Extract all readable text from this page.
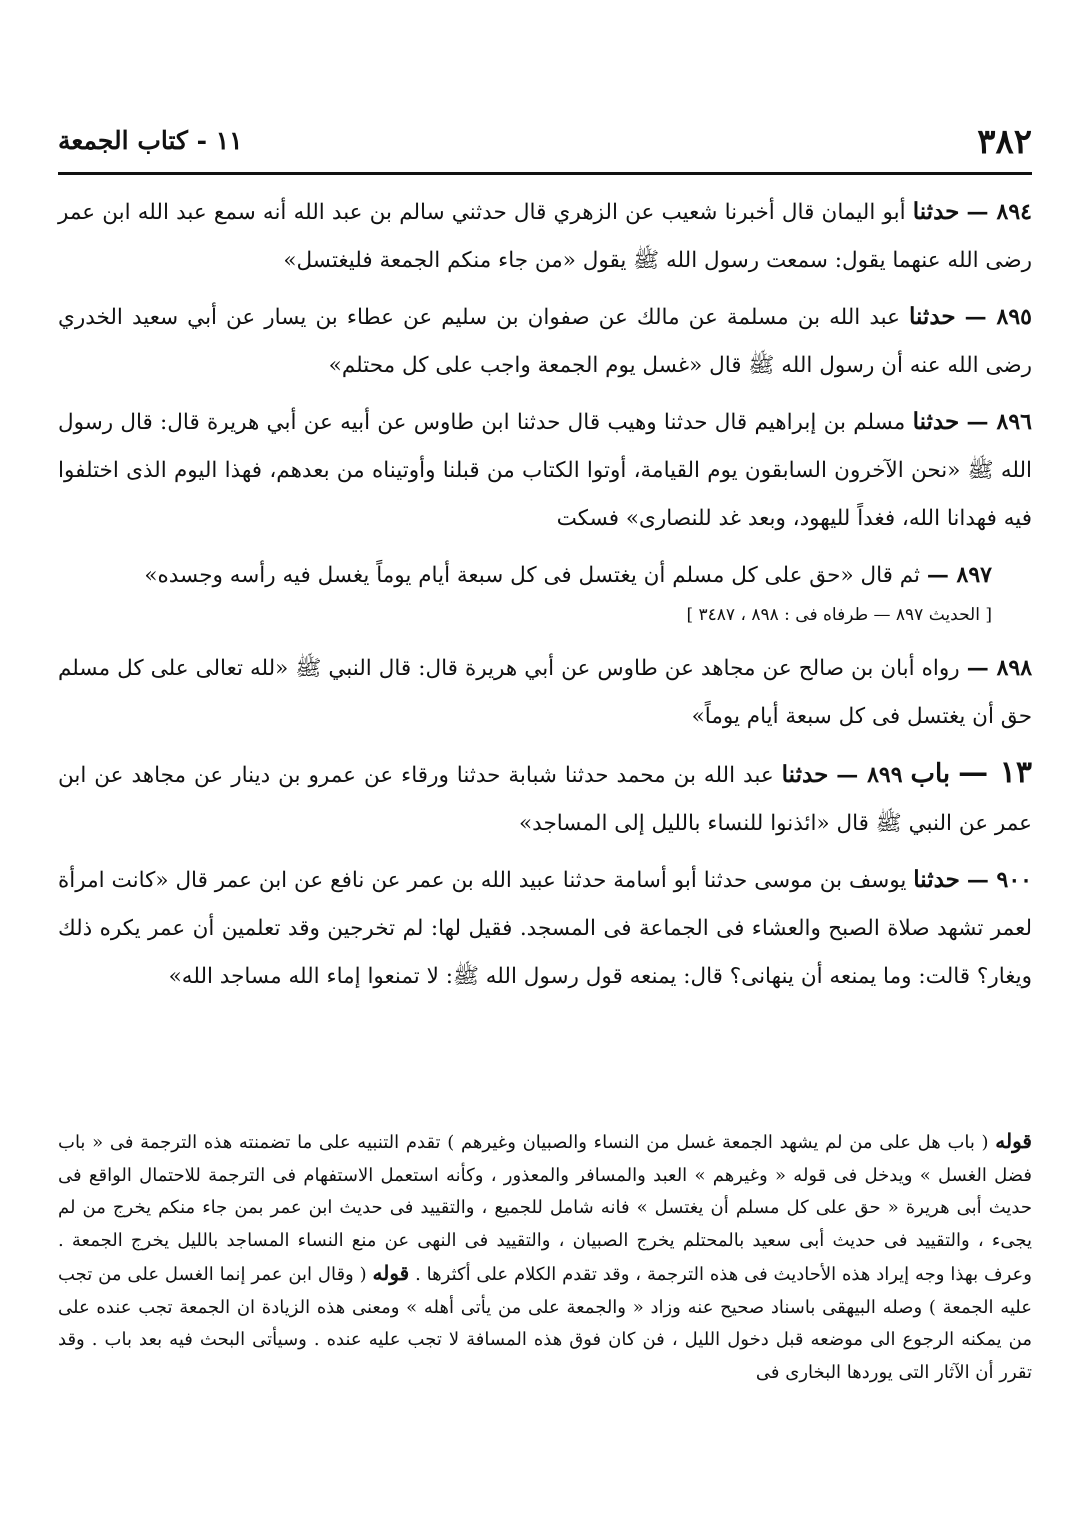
٣٨٢
١١ - كتاب الجمعة

٨٩٤ — حدثنا أبو اليمان قال أخبرنا شعيب عن الزهري قال حدثني سالم بن عبد الله أنه سمع عبد الله ابن عمر رضى الله عنهما يقول: سمعت رسول الله ﷺ يقول «من جاء منكم الجمعة فليغتسل»

٨٩٥ — حدثنا عبد الله بن مسلمة عن مالك عن صفوان بن سليم عن عطاء بن يسار عن أبي سعيد الخدري رضى الله عنه أن رسول الله ﷺ قال «غسل يوم الجمعة واجب على كل محتلم»

٨٩٦ — حدثنا مسلم بن إبراهيم قال حدثنا وهيب قال حدثنا ابن طاوس عن أبيه عن أبي هريرة قال: قال رسول الله ﷺ «نحن الآخرون السابقون يوم القيامة، أوتوا الكتاب من قبلنا وأوتيناه من بعدهم، فهذا اليوم الذى اختلفوا فيه فهدانا الله، فغداً لليهود، وبعد غد للنصارى» فسكت

٨٩٧ — ثم قال «حق على كل مسلم أن يغتسل فى كل سبعة أيام يوماً يغسل فيه رأسه وجسده»

[ الحديث ٨٩٧ — طرفاه فى : ٨٩٨ ، ٣٤٨٧ ]

٨٩٨ — رواه أبان بن صالح عن مجاهد عن طاوس عن أبي هريرة قال: قال النبي ﷺ «لله تعالى على كل مسلم حق أن يغتسل فى كل سبعة أيام يوماً»

١٣ — باب ٨٩٩ — حدثنا عبد الله بن محمد حدثنا شبابة حدثنا ورقاء عن عمرو بن دينار عن مجاهد عن ابن عمر عن النبي ﷺ قال «ائذنوا للنساء بالليل إلى المساجد»

٩٠٠ — حدثنا يوسف بن موسى حدثنا أبو أسامة حدثنا عبيد الله بن عمر عن نافع عن ابن عمر قال «كانت امرأة لعمر تشهد صلاة الصبح والعشاء فى الجماعة فى المسجد. فقيل لها: لم تخرجين وقد تعلمين أن عمر يكره ذلك ويغار؟ قالت: وما يمنعه أن ينهانى؟ قال: يمنعه قول رسول الله ﷺ: لا تمنعوا إماء الله مساجد الله»

قوله ( باب هل على من لم يشهد الجمعة غسل من النساء والصبيان وغيرهم ) تقدم التنبيه على ما تضمنته هذه الترجمة فى « باب فضل الغسل » ويدخل فى قوله « وغيرهم » العبد والمسافر والمعذور ، وكأنه استعمل الاستفهام فى الترجمة للاحتمال الواقع فى حديث أبى هريرة « حق على كل مسلم أن يغتسل » فانه شامل للجميع ، والتقييد فى حديث ابن عمر بمن جاء منكم يخرج من لم يجىء ، والتقييد فى حديث أبى سعيد بالمحتلم يخرج الصبيان ، والتقييد فى النهى عن منع النساء المساجد بالليل يخرج الجمعة . وعرف بهذا وجه إيراد هذه الأحاديث فى هذه الترجمة ، وقد تقدم الكلام على أكثرها . قوله ( وقال ابن عمر إنما الغسل على من تجب عليه الجمعة ) وصله البيهقى باسناد صحيح عنه وزاد « والجمعة على من يأتى أهله » ومعنى هذه الزيادة ان الجمعة تجب عنده على من يمكنه الرجوع الى موضعه قبل دخول الليل ، فن كان فوق هذه المسافة لا تجب عليه عنده . وسيأتى البحث فيه بعد باب . وقد تقرر أن الآثار التى يوردها البخارى فى
